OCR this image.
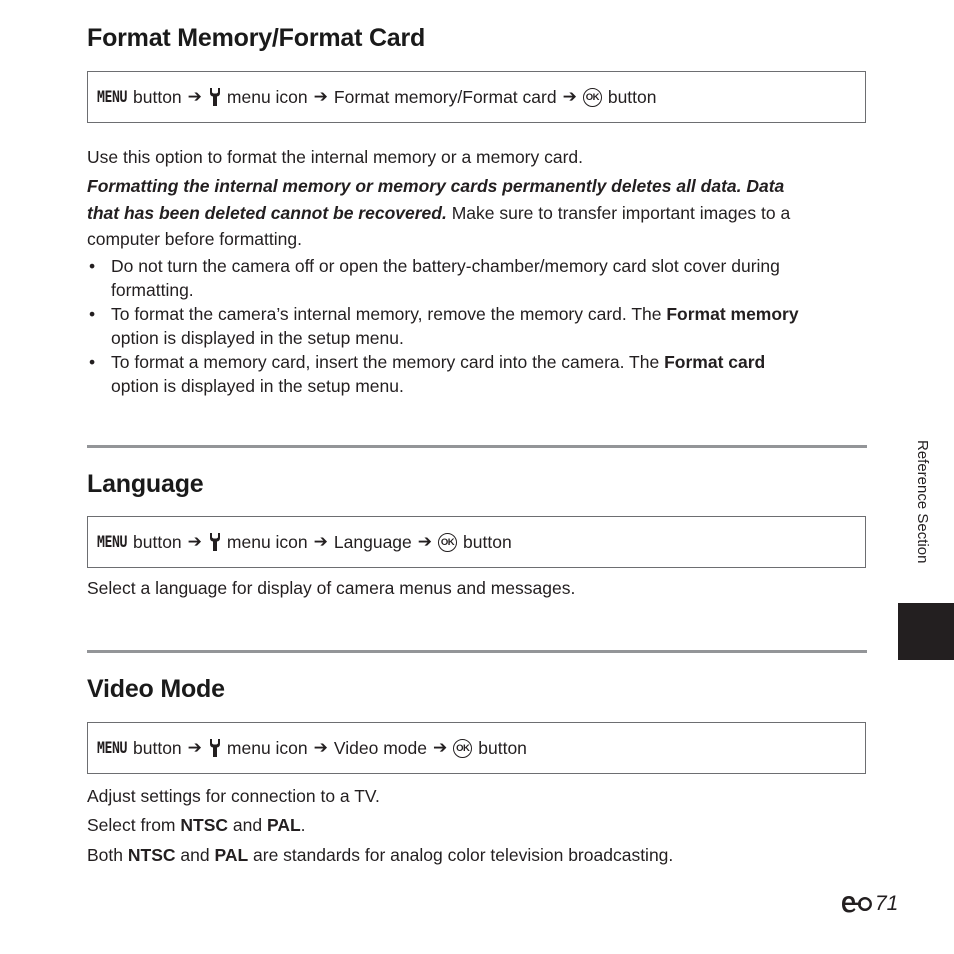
Format Memory/Format Card
MENU button ➔ menu icon ➔ Format memory/Format card ➔ OK button
Use this option to format the internal memory or a memory card.
Formatting the internal memory or memory cards permanently deletes all data. Data
that has been deleted cannot be recovered. Make sure to transfer important images to a
computer before formatting.
• Do not turn the camera off or open the battery-chamber/memory card slot cover during
formatting.
• To format the camera’s internal memory, remove the memory card. The Format memory
option is displayed in the setup menu.
• To format a memory card, insert the memory card into the camera. The Format card
option is displayed in the setup menu.
Language
MENU button ➔ menu icon ➔ Language ➔ OK button
Select a language for display of camera menus and messages.
Video Mode
MENU button ➔ menu icon ➔ Video mode ➔ OK button
Adjust settings for connection to a TV.
Select from NTSC and PAL.
Both NTSC and PAL are standards for analog color television broadcasting.
Reference Section
71
